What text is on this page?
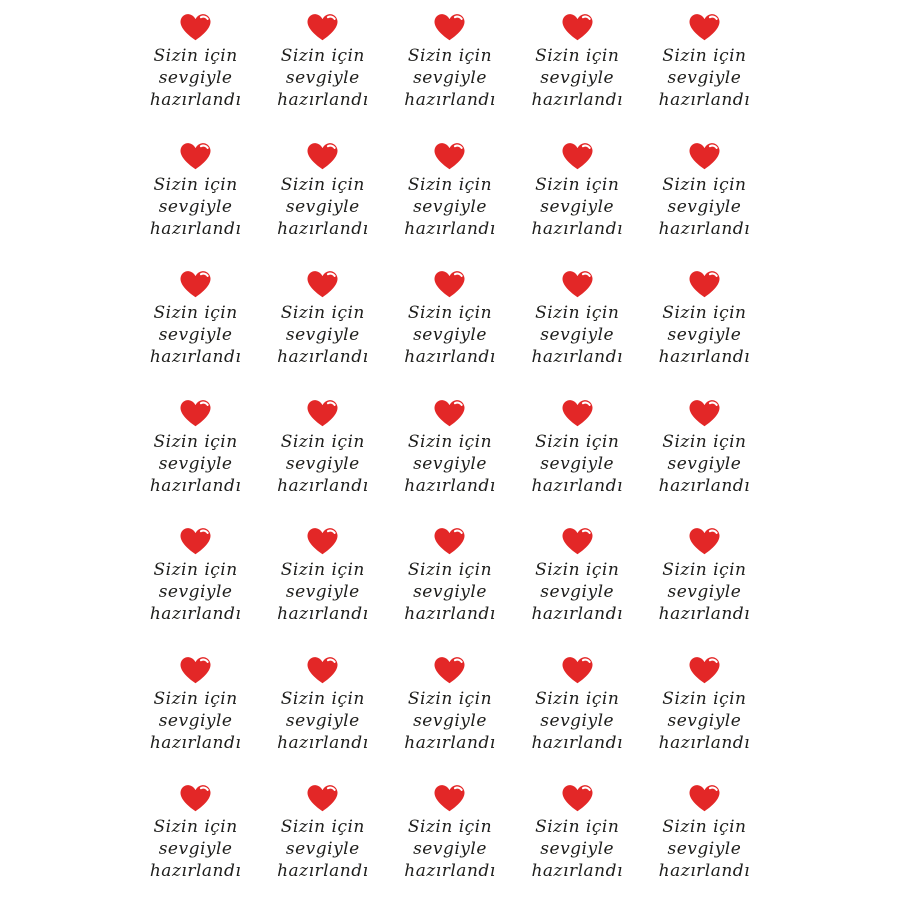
Sizin için
sevgiyle
hazırlandı
Sizin için
sevgiyle
hazırlandı
Sizin için
sevgiyle
hazırlandı
Sizin için
sevgiyle
hazırlandı
Sizin için
sevgiyle
hazırlandı
Sizin için
sevgiyle
hazırlandı
Sizin için
sevgiyle
hazırlandı
Sizin için
sevgiyle
hazırlandı
Sizin için
sevgiyle
hazırlandı
Sizin için
sevgiyle
hazırlandı
Sizin için
sevgiyle
hazırlandı
Sizin için
sevgiyle
hazırlandı
Sizin için
sevgiyle
hazırlandı
Sizin için
sevgiyle
hazırlandı
Sizin için
sevgiyle
hazırlandı
Sizin için
sevgiyle
hazırlandı
Sizin için
sevgiyle
hazırlandı
Sizin için
sevgiyle
hazırlandı
Sizin için
sevgiyle
hazırlandı
Sizin için
sevgiyle
hazırlandı
Sizin için
sevgiyle
hazırlandı
Sizin için
sevgiyle
hazırlandı
Sizin için
sevgiyle
hazırlandı
Sizin için
sevgiyle
hazırlandı
Sizin için
sevgiyle
hazırlandı
Sizin için
sevgiyle
hazırlandı
Sizin için
sevgiyle
hazırlandı
Sizin için
sevgiyle
hazırlandı
Sizin için
sevgiyle
hazırlandı
Sizin için
sevgiyle
hazırlandı
Sizin için
sevgiyle
hazırlandı
Sizin için
sevgiyle
hazırlandı
Sizin için
sevgiyle
hazırlandı
Sizin için
sevgiyle
hazırlandı
Sizin için
sevgiyle
hazırlandı
